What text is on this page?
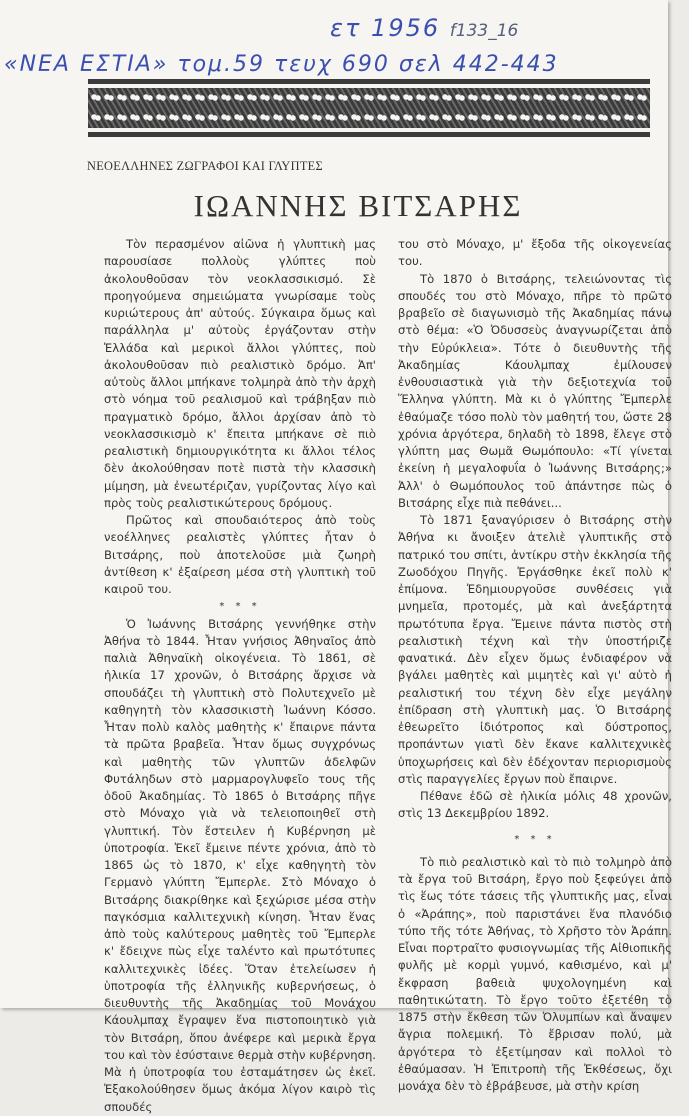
ετ 1956 f133_16
«ΝΕΑ ΕΣΤΙΑ» τομ.59 τευχ 690 σελ 442-443
ΝΕΟΕΛΛΗΝΕΣ ΖΩΓΡΑΦΟΙ ΚΑΙ ΓΛΥΠΤΕΣ
ΙΩΑΝΝΗΣ ΒΙΤΣΑΡΗΣ

Τὸν περασμένον αἰῶνα ἡ γλυπτικὴ μας παρουσίασε πολλοὺς γλύπτες ποὺ ἀκολουθοῦσαν τὸν νεοκλασσικισμό. Σὲ προηγούμενα σημειώματα γνωρίσαμε τοὺς κυριώτερους ἀπ' αὐτούς. Σύγκαιρα ὅμως καὶ παράλληλα μ' αὐτοὺς ἐργάζονταν στὴν Ἑλλάδα καὶ μερικοὶ ἄλλοι γλύπτες, ποὺ ἀκολουθοῦσαν πιὸ ρεαλιστικὸ δρόμο. Ἀπ' αὐτοὺς ἄλλοι μπήκανε τολμηρὰ ἀπὸ τὴν ἀρχὴ στὸ νόημα τοῦ ρεαλισμοῦ καὶ τράβηξαν πιὸ πραγματικὸ δρόμο, ἄλλοι ἀρχίσαν ἀπὸ τὸ νεοκλασσικισμὸ κ' ἔπειτα μπήκανε σὲ πιὸ ρεαλιστικὴ δημιουργικότητα κι ἄλλοι τέλος δὲν ἀκολούθησαν ποτὲ πιστὰ τὴν κλασσικὴ μίμηση, μὰ ἐνεωτέριζαν, γυρίζοντας λίγο καὶ πρὸς τοὺς ρεαλιστικώτερους δρόμους.

Πρῶτος καὶ σπουδαιότερος ἀπὸ τοὺς νεοέλληνες ρεαλιστὲς γλύπτες ἦταν ὁ Βιτσάρης, ποὺ ἀποτελοῦσε μιὰ ζωηρὴ ἀντίθεση κ' ἐξαίρεση μέσα στὴ γλυπτικὴ τοῦ καιροῦ του.

* * *

Ὁ Ἰωάννης Βιτσάρης γεννήθηκε στὴν Ἀθήνα τὸ 1844. Ἦταν γνήσιος Ἀθηναῖος ἀπὸ παλιὰ Ἀθηναϊκὴ οἰκογένεια. Τὸ 1861, σὲ ἡλικία 17 χρονῶν, ὁ Βιτσάρης ἄρχισε νὰ σπουδάζει τὴ γλυπτικὴ στὸ Πολυτεχνεῖο μὲ καθηγητὴ τὸν κλασσικιστὴ Ἰωάννη Κόσσο. Ἦταν πολὺ καλὸς μαθητὴς κ' ἔπαιρνε πάντα τὰ πρῶτα βραβεῖα. Ἦταν ὅμως συγχρόνως καὶ μαθητὴς τῶν γλυπτῶν ἀδελφῶν Φυτάληδων στὸ μαρμαρογλυφεῖο τους τῆς ὁδοῦ Ἀκαδημίας. Τὸ 1865 ὁ Βιτσάρης πῆγε στὸ Μόναχο γιὰ νὰ τελειοποιηθεῖ στὴ γλυπτική. Τὸν ἔστειλεν ἡ Κυβέρνηση μὲ ὑποτροφία. Ἐκεῖ ἔμεινε πέντε χρόνια, ἀπὸ τὸ 1865 ὡς τὸ 1870, κ' εἶχε καθηγητὴ τὸν Γερμανὸ γλύπτη Ἔμπερλε. Στὸ Μόναχο ὁ Βιτσάρης διακρίθηκε καὶ ξεχώρισε μέσα στὴν παγκόσμια καλλιτεχνικὴ κίνηση. Ἦταν ἕνας ἀπὸ τοὺς καλύτερους μαθητὲς τοῦ Ἔμπερλε κ' ἔδειχνε πὼς εἶχε ταλέντο καὶ πρωτότυπες καλλιτεχνικὲς ἰδέες. Ὅταν ἐτελείωσεν ἡ ὑποτροφία τῆς ἑλληνικῆς κυβερνήσεως, ὁ διευθυντὴς τῆς Ἀκαδημίας τοῦ Μονάχου Κάουλμπαχ ἔγραψεν ἕνα πιστοποιητικὸ γιὰ τὸν Βιτσάρη, ὅπου ἀνέφερε καὶ μερικὰ ἔργα του καὶ τὸν ἐσύσταινε θερμὰ στὴν κυβέρνηση. Μὰ ἡ ὑποτροφία του ἐσταμάτησεν ὡς ἐκεῖ. Ἐξακολούθησεν ὅμως ἀκόμα λίγον καιρὸ τὶς σπουδές

του στὸ Μόναχο, μ' ἔξοδα τῆς οἰκογενείας του.

Τὸ 1870 ὁ Βιτσάρης, τελειώνοντας τὶς σπουδές του στὸ Μόναχο, πῆρε τὸ πρῶτο βραβεῖο σὲ διαγωνισμὸ τῆς Ἀκαδημίας πάνω στὸ θέμα: «Ὁ Ὀδυσσεὺς ἀναγνωρίζεται ἀπὸ τὴν Εὐρύκλεια». Τότε ὁ διευθυντὴς τῆς Ἀκαδημίας Κάουλμπαχ ἐμίλουσεν ἐνθουσιαστικὰ γιὰ τὴν δεξιοτεχνία τοῦ Ἕλληνα γλύπτη. Μὰ κι ὁ γλύπτης Ἔμπερλε ἐθαύμαζε τόσο πολὺ τὸν μαθητή του, ὥστε 28 χρόνια ἀργότερα, δηλαδὴ τὸ 1898, ἔλεγε στὸ γλύπτη μας Θωμᾶ Θωμόπουλο: «Τί γίνεται ἐκείνη ἡ μεγαλοφυΐα ὁ Ἰωάννης Βιτσάρης;» Ἀλλ' ὁ Θωμόπουλος τοῦ ἀπάντησε πὼς ὁ Βιτσάρης εἶχε πιὰ πεθάνει...

Τὸ 1871 ξαναγύρισεν ὁ Βιτσάρης στὴν Ἀθήνα κι ἄνοιξεν ἀτελιὲ γλυπτικῆς στὸ πατρικό του σπίτι, ἀντίκρυ στὴν ἐκκλησία τῆς Ζωοδόχου Πηγῆς. Ἐργάσθηκε ἐκεῖ πολὺ κ' ἐπίμονα. Ἐδημιουργοῦσε συνθέσεις γιὰ μνημεῖα, προτομές, μὰ καὶ ἀνεξάρτητα πρωτότυπα ἔργα. Ἔμεινε πάντα πιστὸς στὴ ρεαλιστικὴ τέχνη καὶ τὴν ὑποστήριζε φανατικά. Δὲν εἶχεν ὅμως ἐνδιαφέρον νὰ βγάλει μαθητὲς καὶ μιμητὲς καὶ γι' αὐτὸ ἡ ρεαλιστική του τέχνη δὲν εἶχε μεγάλην ἐπίδραση στὴ γλυπτικὴ μας. Ὁ Βιτσάρης ἐθεωρεῖτο ἰδιότροπος καὶ δύστροπος, προπάντων γιατὶ δὲν ἔκανε καλλιτεχνικὲς ὑποχωρήσεις καὶ δὲν ἐδέχονταν περιορισμοὺς στὶς παραγγελίες ἔργων ποὺ ἔπαιρνε.

Πέθανε ἐδῶ σὲ ἡλικία μόλις 48 χρονῶν, στὶς 13 Δεκεμβρίου 1892.

* * *

Τὸ πιὸ ρεαλιστικὸ καὶ τὸ πιὸ τολμηρὸ ἀπὸ τὰ ἔργα τοῦ Βιτσάρη, ἔργο ποὺ ξεφεύγει ἀπὸ τὶς ἕως τότε τάσεις τῆς γλυπτικῆς μας, εἶναι ὁ «Ἀράπης», ποὺ παριστάνει ἕνα πλανόδιο τύπο τῆς τότε Ἀθήνας, τὸ Χρῆστο τὸν Ἀράπη. Εἶναι πορτραῖτο φυσιογνωμίας τῆς Αἰθιοπικῆς φυλῆς μὲ κορμὶ γυμνό, καθισμένο, καὶ μ' ἔκφραση βαθειὰ ψυχολογημένη καὶ παθητικώτατη. Τὸ ἔργο τοῦτο ἐξετέθη τὸ 1875 στὴν ἔκθεση τῶν Ὀλυμπίων καὶ ἄναψεν ἄγρια πολεμική. Τὸ ἔβρισαν πολύ, μὰ ἀργότερα τὸ ἐξετίμησαν καὶ πολλοὶ τὸ ἐθαύμασαν. Ἡ Ἐπιτροπὴ τῆς Ἐκθέσεως, ὄχι μονάχα δὲν τὸ ἐβράβευσε, μὰ στὴν κρίση
